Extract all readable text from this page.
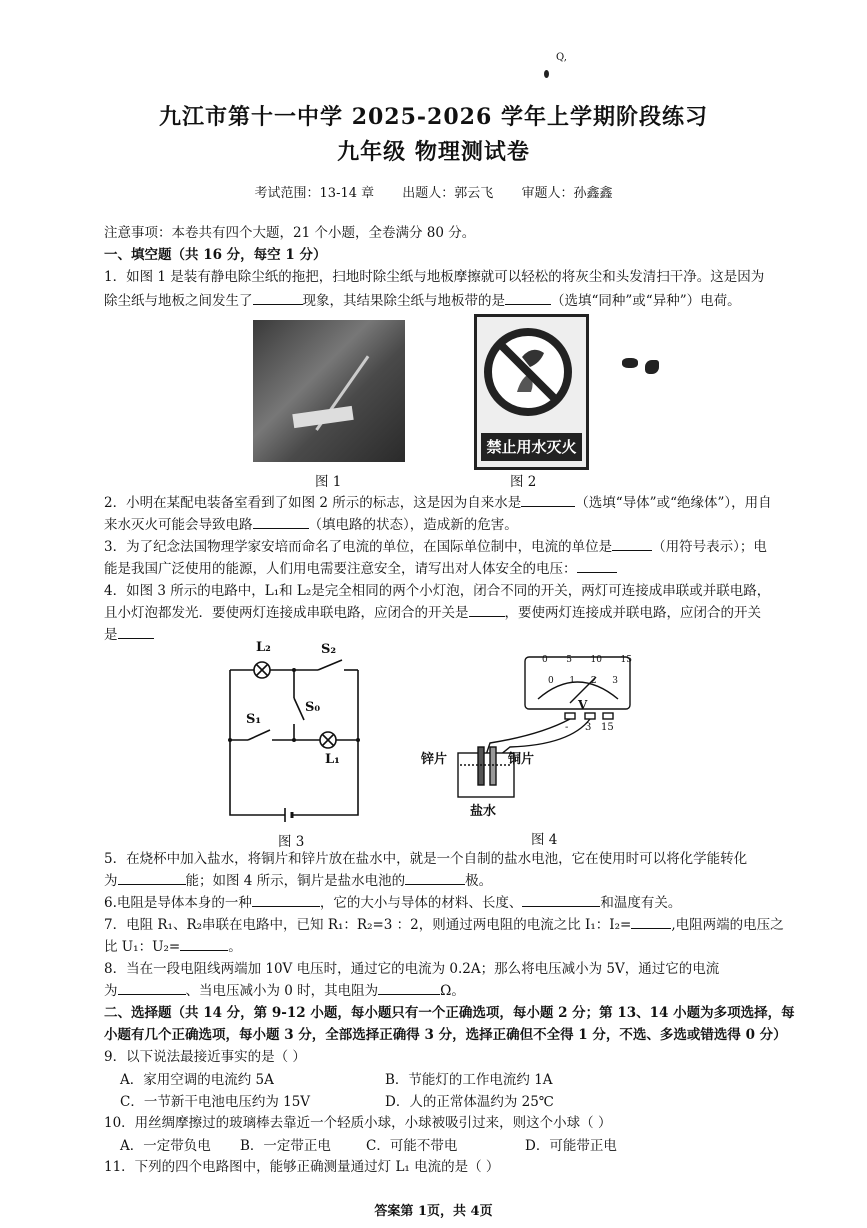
Q,
九江市第十一中学 2025-2026 学年上学期阶段练习
九年级 物理测试卷
考试范围：13-14 章 出题人：郭云飞 审题人：孙鑫鑫
注意事项：本卷共有四个大题，21 个小题，全卷满分 80 分。
一、填空题（共 16 分，每空 1 分）
1．如图 1 是装有静电除尘纸的拖把，扫地时除尘纸与地板摩擦就可以轻松的将灰尘和头发清扫干净。这是因为
除尘纸与地板之间发生了	现象，其结果除尘纸与地板带的是	（选填“同种”或“异种”）电荷。
图 1
禁止用水灭火
图 2
2．小明在某配电装备室看到了如图 2 所示的标志，这是因为自来水是	（选填“导体”或“绝缘体”），用自
来水灭火可能会导致电路	（填电路的状态），造成新的危害。
3．为了纪念法国物理学家安培而命名了电流的单位，在国际单位制中，电流的单位是	（用符号表示）；电
能是我国广泛使用的能源，人们用电需要注意安全，请写出对人体安全的电压：
4．如图 3 所示的电路中，L₁和 L₂是完全相同的两个小灯泡，闭合不同的开关，两灯可连接成串联或并联电路，
且小灯泡都发光．要使两灯连接成串联电路，应闭合的开关是	，要使两灯连接成并联电路，应闭合的开关
是
L₂	S₂
S₀
S₁
L₁
图 3
0 5 10 15
0 1 2 3
V
- 3 15
锌片	铜片
盐水
图 4
5．在烧杯中加入盐水，将铜片和锌片放在盐水中，就是一个自制的盐水电池，它在使用时可以将化学能转化
为	能；如图 4 所示，铜片是盐水电池的	极。
6.电阻是导体本身的一种	，它的大小与导体的材料、长度、	和温度有关。
7．电阻 R₁、R₂串联在电路中，已知 R₁：R₂=3 ：2，则通过两电阻的电流之比 I₁：I₂=	,电阻两端的电压之
比 U₁：U₂=	。
8．当在一段电阻线两端加 10V 电压时，通过它的电流为 0.2A；那么将电压减小为 5V，通过它的电流
为	、当电压减小为 0 时，其电阻为	Ω。
二、选择题（共 14 分，第 9-12 小题，每小题只有一个正确选项，每小题 2 分；第 13、14 小题为多项选择，每
小题有几个正确选项，每小题 3 分，全部选择正确得 3 分，选择正确但不全得 1 分，不选、多选或错选得 0 分）
9．以下说法最接近事实的是（ ）
A．家用空调的电流约 5A	B．节能灯的工作电流约 1A
C．一节新干电池电压约为 15V	D．人的正常体温约为 25℃
10．用丝绸摩擦过的玻璃棒去靠近一个轻质小球，小球被吸引过来，则这个小球（ ）
A．一定带负电 B．一定带正电	C．可能不带电	D．可能带正电
11．下列的四个电路图中，能够正确测量通过灯 L₁ 电流的是（ ）
答案第 1页，共 4页
